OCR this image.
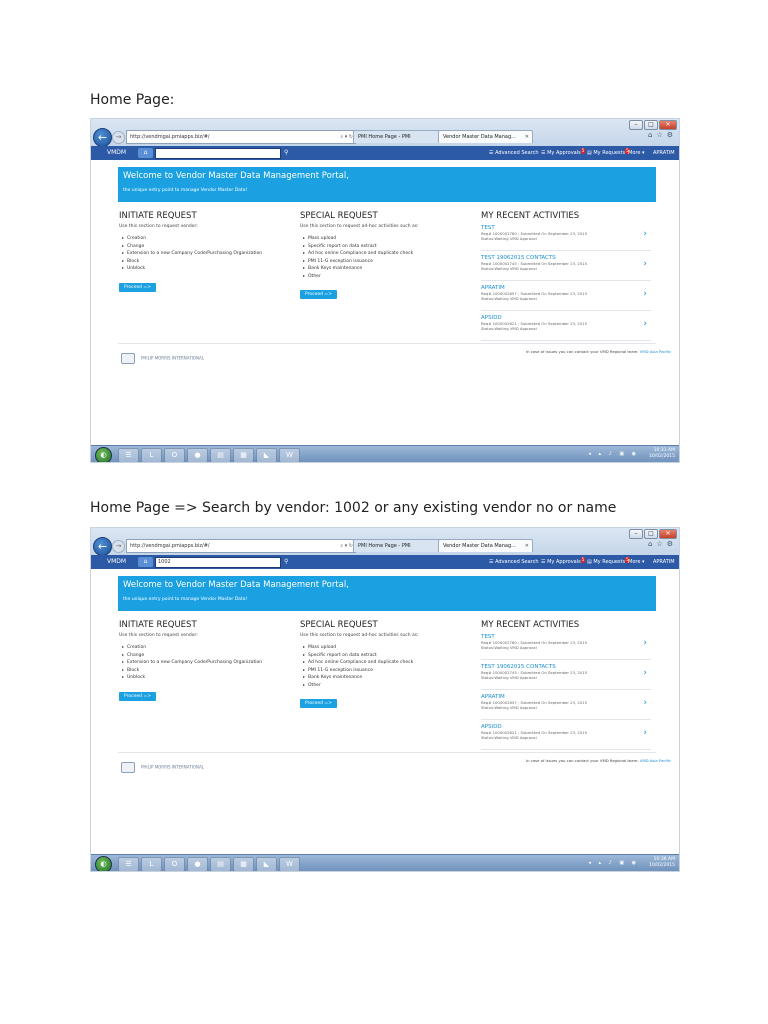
Home Page:
–	□	✕
←	→	http://vendmgai.pmiapps.biz/#/	⌕ ▾ ↻	PMI Home Page - PMI	Vendor Master Data Manag... ✕	⌂ ☆ ⚙
VMDM	⌂	⚲	☰ Advanced Search ☰ My Approvals5 ▤ My Requests5 More ▾ APRATIM
Welcome to Vendor Master Data Management Portal,
the unique entry point to manage Vendor Master Data!
INITIATE REQUEST
Use this section to request vendor:
▸ Creation
▸ Change
▸ Extension to a new Company Code/Purchasing Organization
▸ Block
▸ Unblock
Proceed =>
SPECIAL REQUEST
Use this section to request ad-hoc activities such as:
▸ Mass upload
▸ Specific report on data extract
▸ Ad hoc online Compliance and duplicate check
▸ PMI 11-G exception issuance
▸ Bank Keys maintenance
▸ Other
Proceed =>
MY RECENT ACTIVITIES
TEST
Req# 1000002780 ; Submitted On September 23, 2015
Status:Waiting VMD Approval	›
TEST 19062015 CONTACTS
Req# 1000002745 ; Submitted On September 23, 2015
Status:Waiting VMD Approval	›
APRATIM
Req# 1000002657 ; Submitted On September 23, 2015
Status:Waiting VMD Approval	›
APSIDD
Req# 1000002621 ; Submitted On September 23, 2015
Status:Waiting VMD Approval	›
PHILIP MORRIS INTERNATIONAL
In case of issues you can contact your VMD Regional team: VMD Asia Pacific
◐	☰	L	O	●	▤	▦	◣	W	◂ ▴ ♪ ▣ ◉
10:31 AM
10/02/2015
Home Page => Search by vendor: 1002 or any existing vendor no or name
–	□	✕
←	→	http://vendmgai.pmiapps.biz/#/	⌕ ▾ ↻	PMI Home Page - PMI	Vendor Master Data Manag... ✕	⌂ ☆ ⚙
VMDM	⌂	1002	⚲	☰ Advanced Search ☰ My Approvals5 ▤ My Requests5 More ▾ APRATIM
Welcome to Vendor Master Data Management Portal,
the unique entry point to manage Vendor Master Data!
INITIATE REQUEST
Use this section to request vendor:
▸ Creation
▸ Change
▸ Extension to a new Company Code/Purchasing Organization
▸ Block
▸ Unblock
Proceed =>
SPECIAL REQUEST
Use this section to request ad-hoc activities such as:
▸ Mass upload
▸ Specific report on data extract
▸ Ad hoc online Compliance and duplicate check
▸ PMI 11-G exception issuance
▸ Bank Keys maintenance
▸ Other
Proceed =>
MY RECENT ACTIVITIES
TEST
Req# 1000002780 ; Submitted On September 23, 2015
Status:Waiting VMD Approval	›
TEST 19062015 CONTACTS
Req# 1000002745 ; Submitted On September 23, 2015
Status:Waiting VMD Approval	›
APRATIM
Req# 1000002657 ; Submitted On September 23, 2015
Status:Waiting VMD Approval	›
APSIDD
Req# 1000002621 ; Submitted On September 23, 2015
Status:Waiting VMD Approval	›
PHILIP MORRIS INTERNATIONAL
In case of issues you can contact your VMD Regional team: VMD Asia Pacific
◐	☰	L	O	●	▤	▦	◣	W	◂ ▴ ♪ ▣ ◉
10:36 AM
10/02/2015
